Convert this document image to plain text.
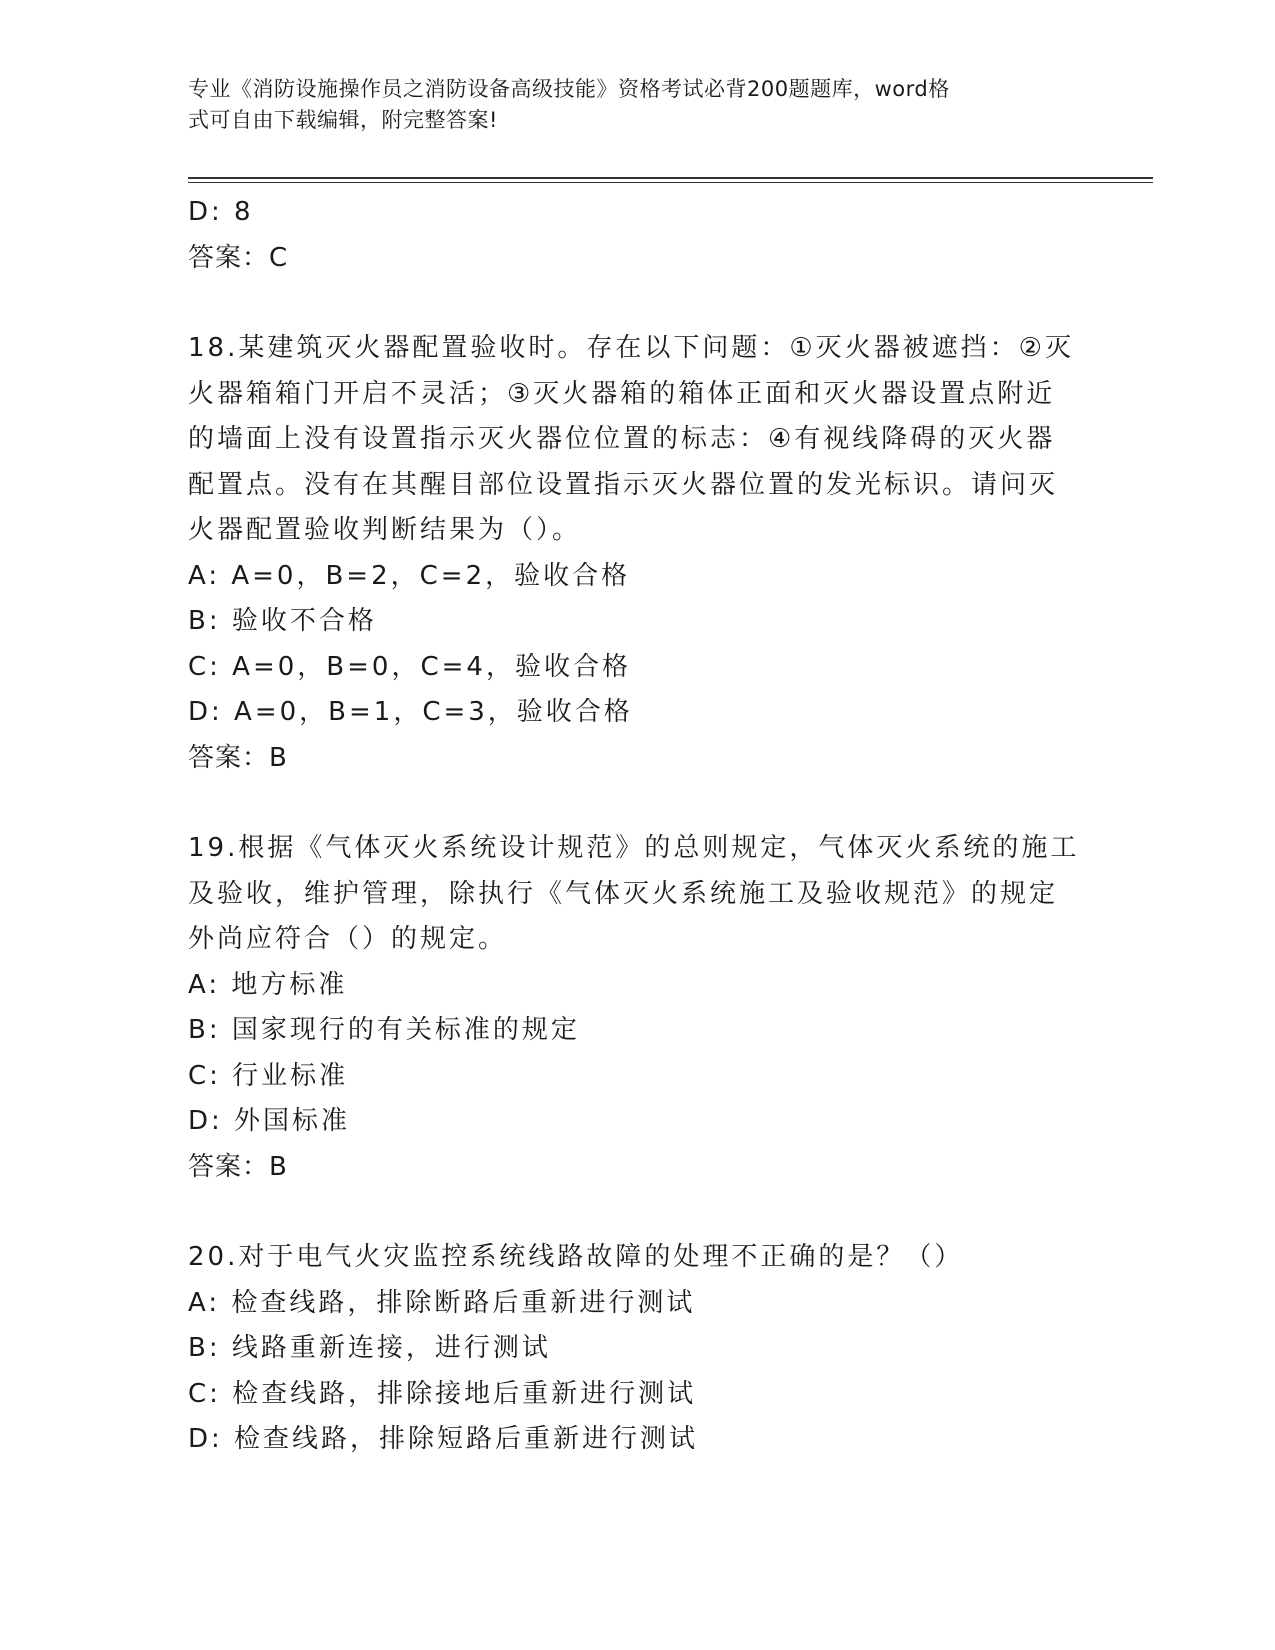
专业《消防设施操作员之消防设备高级技能》资格考试必背200题题库，word格
式可自由下载编辑，附完整答案!
D: 8
答案：C
18.某建筑灭火器配置验收时。存在以下问题：①灭火器被遮挡：②灭
火器箱箱门开启不灵活；③灭火器箱的箱体正面和灭火器设置点附近
的墙面上没有设置指示灭火器位位置的标志：④有视线降碍的灭火器
配置点。没有在其醒目部位设置指示灭火器位置的发光标识。请问灭
火器配置验收判断结果为（）。
A: A=0，B=2，C=2，验收合格
B: 验收不合格
C: A=0，B=0，C=4，验收合格
D: A=0，B=1，C=3，验收合格
答案：B
19.根据《气体灭火系统设计规范》的总则规定，气体灭火系统的施工
及验收，维护管理，除执行《气体灭火系统施工及验收规范》的规定
外尚应符合（）的规定。
A: 地方标准
B: 国家现行的有关标准的规定
C: 行业标准
D: 外国标准
答案：B
20.对于电气火灾监控系统线路故障的处理不正确的是？（）
A: 检查线路，排除断路后重新进行测试
B: 线路重新连接，进行测试
C: 检查线路，排除接地后重新进行测试
D: 检查线路，排除短路后重新进行测试
